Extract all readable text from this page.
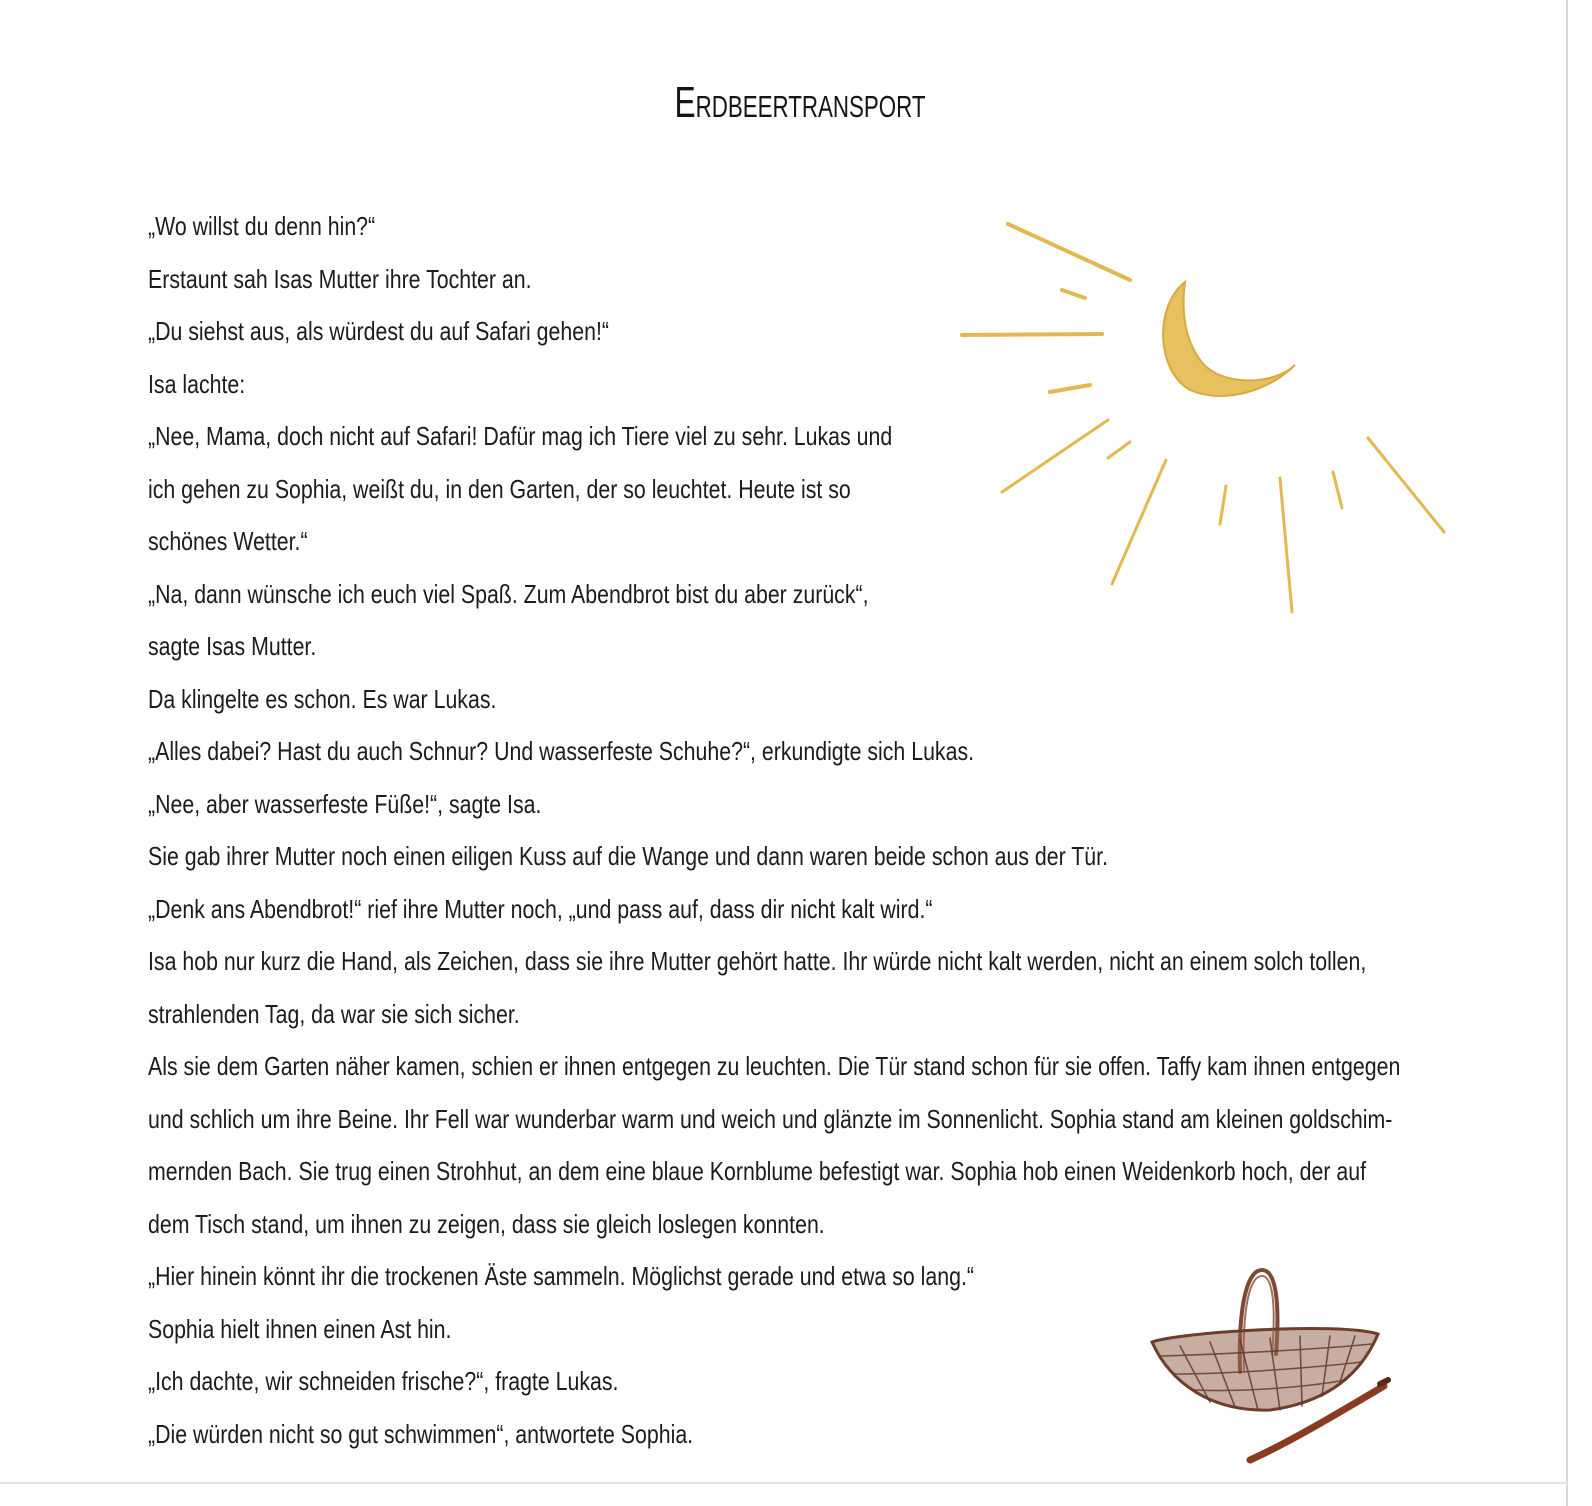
Erdbeertransport
„Wo willst du denn hin?“
Erstaunt sah Isas Mutter ihre Tochter an.
„Du siehst aus, als würdest du auf Safari gehen!“
Isa lachte:
„Nee, Mama, doch nicht auf Safari! Dafür mag ich Tiere viel zu sehr. Lukas und
ich gehen zu Sophia, weißt du, in den Garten, der so leuchtet. Heute ist so
schönes Wetter.“
„Na, dann wünsche ich euch viel Spaß. Zum Abendbrot bist du aber zurück“,
sagte Isas Mutter.
Da klingelte es schon. Es war Lukas.
„Alles dabei? Hast du auch Schnur? Und wasserfeste Schuhe?“, erkundigte sich Lukas.
„Nee, aber wasserfeste Füße!“, sagte Isa.
Sie gab ihrer Mutter noch einen eiligen Kuss auf die Wange und dann waren beide schon aus der Tür.
„Denk ans Abendbrot!“ rief ihre Mutter noch, „und pass auf, dass dir nicht kalt wird.“
Isa hob nur kurz die Hand, als Zeichen, dass sie ihre Mutter gehört hatte. Ihr würde nicht kalt werden, nicht an einem solch tollen,
strahlenden Tag, da war sie sich sicher.
Als sie dem Garten näher kamen, schien er ihnen entgegen zu leuchten. Die Tür stand schon für sie offen. Taffy kam ihnen entgegen
und schlich um ihre Beine. Ihr Fell war wunderbar warm und weich und glänzte im Sonnenlicht. Sophia stand am kleinen goldschim-
mernden Bach. Sie trug einen Strohhut, an dem eine blaue Kornblume befestigt war. Sophia hob einen Weidenkorb hoch, der auf
dem Tisch stand, um ihnen zu zeigen, dass sie gleich loslegen konnten.
„Hier hinein könnt ihr die trockenen Äste sammeln. Möglichst gerade und etwa so lang.“
Sophia hielt ihnen einen Ast hin.
„Ich dachte, wir schneiden frische?“, fragte Lukas.
„Die würden nicht so gut schwimmen“, antwortete Sophia.
